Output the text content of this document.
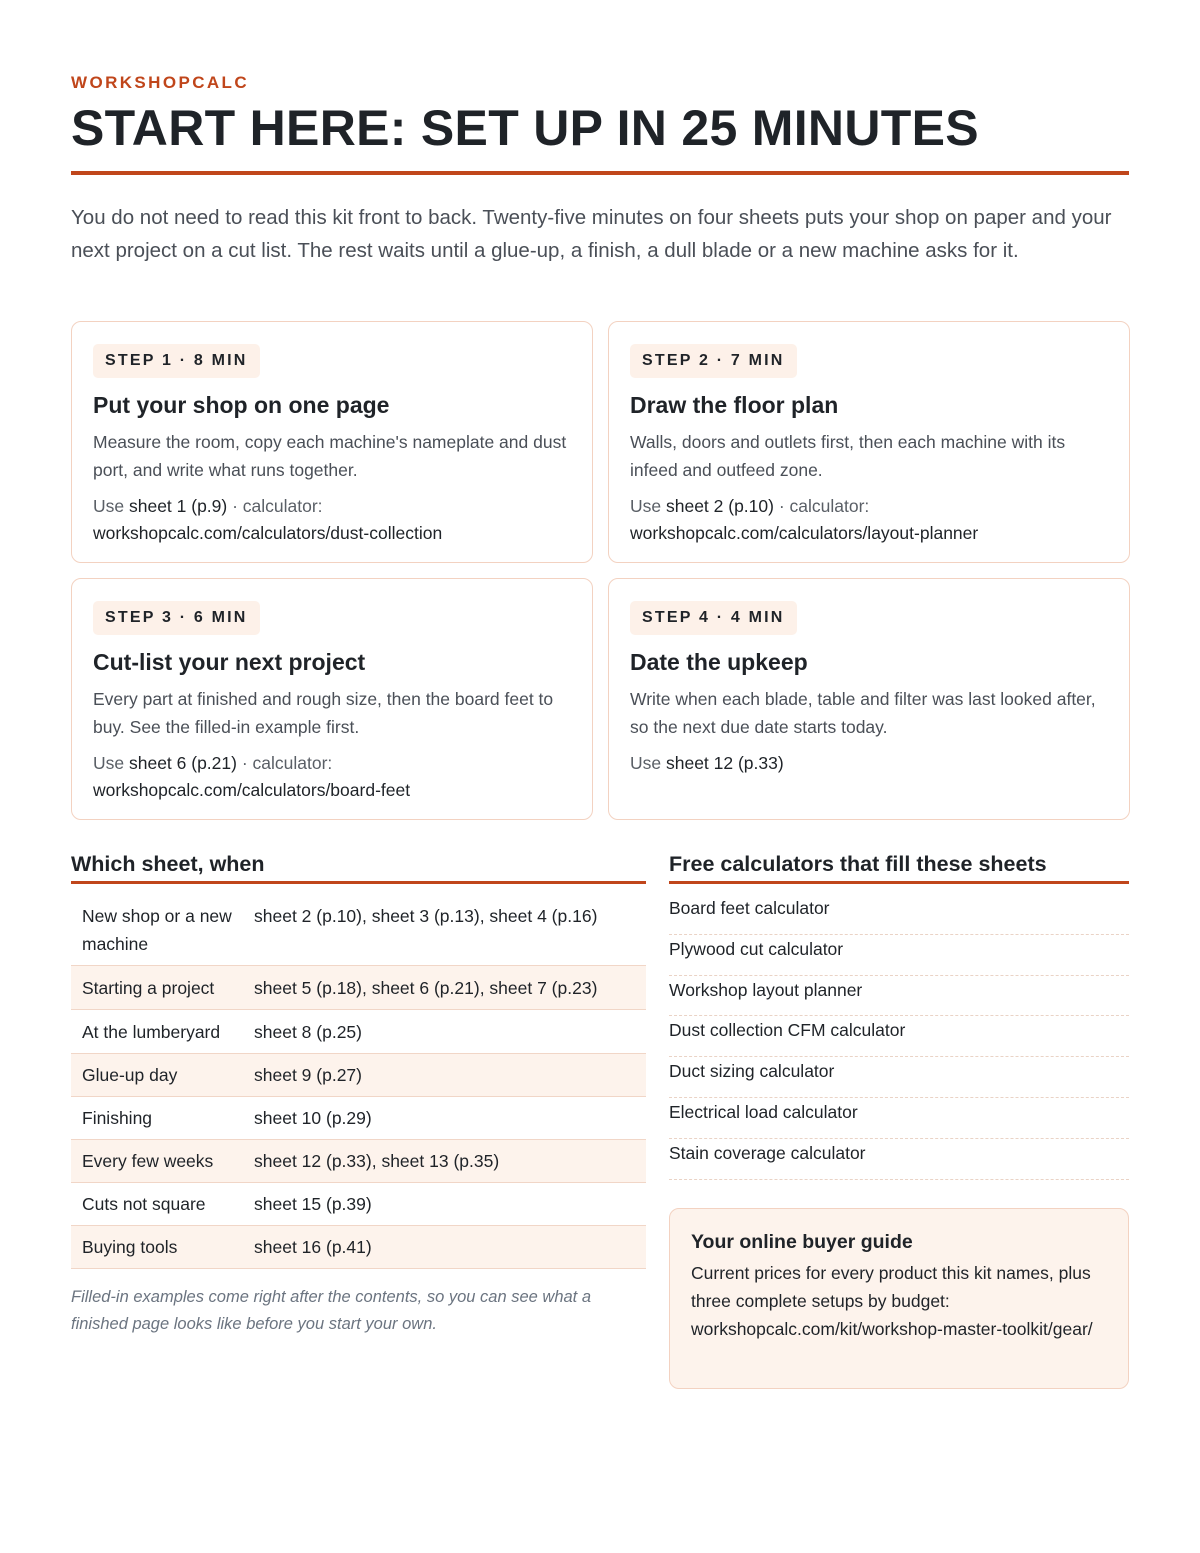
WORKSHOPCALC
START HERE: SET UP IN 25 MINUTES

You do not need to read this kit front to back. Twenty-five minutes on four sheets puts your shop on paper and your next project on a cut list. The rest waits until a glue-up, a finish, a dull blade or a new machine asks for it.

STEP 1 · 8 MIN
Put your shop on one page
Measure the room, copy each machine's nameplate and dust port, and write what runs together.
Use sheet 1 (p.9) · calculator:
workshopcalc.com/calculators/dust-collection
STEP 2 · 7 MIN
Draw the floor plan
Walls, doors and outlets first, then each machine with its infeed and outfeed zone.
Use sheet 2 (p.10) · calculator:
workshopcalc.com/calculators/layout-planner
STEP 3 · 6 MIN
Cut-list your next project
Every part at finished and rough size, then the board feet to buy. See the filled-in example first.
Use sheet 6 (p.21) · calculator:
workshopcalc.com/calculators/board-feet
STEP 4 · 4 MIN
Date the upkeep
Write when each blade, table and filter was last looked after, so the next due date starts today.
Use sheet 12 (p.33)
Which sheet, when
New shop or a new machine	sheet 2 (p.10), sheet 3 (p.13), sheet 4 (p.16)
Starting a project	sheet 5 (p.18), sheet 6 (p.21), sheet 7 (p.23)
At the lumberyard	sheet 8 (p.25)
Glue-up day	sheet 9 (p.27)
Finishing	sheet 10 (p.29)
Every few weeks	sheet 12 (p.33), sheet 13 (p.35)
Cuts not square	sheet 15 (p.39)
Buying tools	sheet 16 (p.41)

Filled-in examples come right after the contents, so you can see what a finished page looks like before you start your own.

Free calculators that fill these sheets
Board feet calculator
Plywood cut calculator
Workshop layout planner
Dust collection CFM calculator
Duct sizing calculator
Electrical load calculator
Stain coverage calculator
Your online buyer guide
Current prices for every product this kit names, plus three complete setups by budget: workshopcalc.com/kit/workshop-master-toolkit/gear/
